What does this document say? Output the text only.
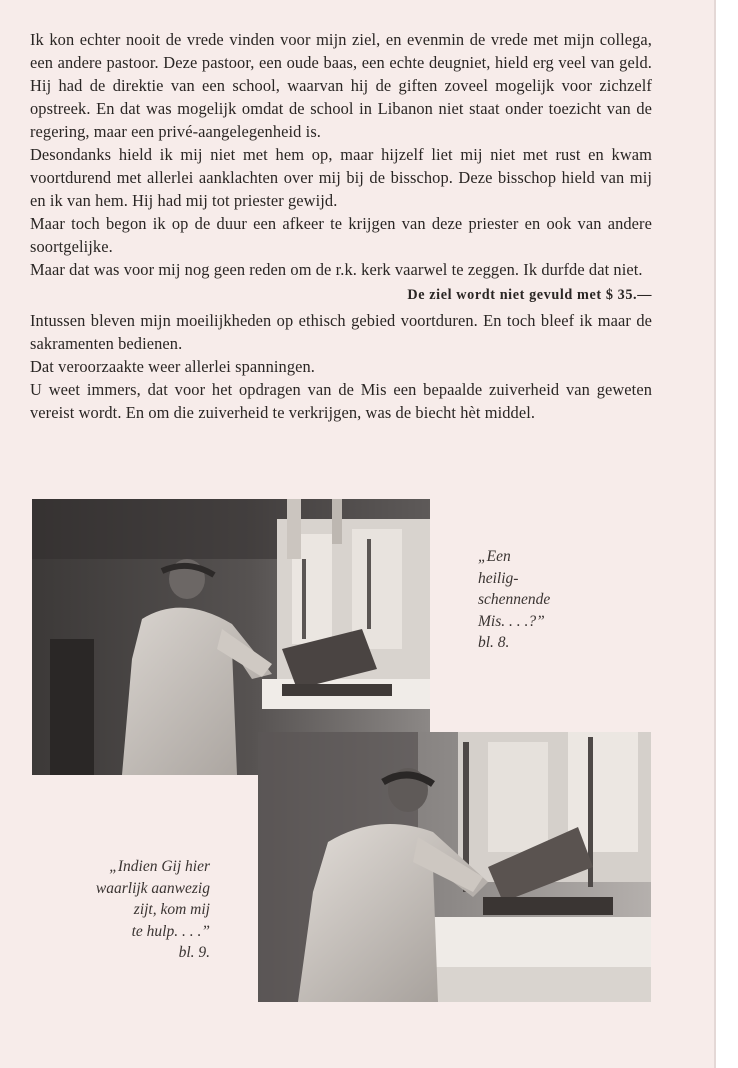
Ik kon echter nooit de vrede vinden voor mijn ziel, en evenmin de vrede met mijn collega, een andere pastoor. Deze pastoor, een oude baas, een echte deugniet, hield erg veel van geld. Hij had de direktie van een school, waarvan hij de giften zoveel mogelijk voor zichzelf opstreek. En dat was mogelijk omdat de school in Libanon niet staat onder toezicht van de regering, maar een privé-aangelegenheid is.

Desondanks hield ik mij niet met hem op, maar hijzelf liet mij niet met rust en kwam voortdurend met allerlei aanklachten over mij bij de bisschop. Deze bisschop hield van mij en ik van hem. Hij had mij tot priester gewijd.

Maar toch begon ik op de duur een afkeer te krijgen van deze priester en ook van andere soortgelijke.

Maar dat was voor mij nog geen reden om de r.k. kerk vaarwel te zeggen. Ik durfde dat niet.

De ziel wordt niet gevuld met $ 35.—

Intussen bleven mijn moeilijkheden op ethisch gebied voortduren. En toch bleef ik maar de sakramenten bedienen.

Dat veroorzaakte weer allerlei spanningen.

U weet immers, dat voor het opdragen van de Mis een bepaalde zuiverheid van geweten vereist wordt. En om die zuiverheid te verkrijgen, was de biecht hèt middel.

„Een
heilig-
schennende
Mis. . . .?”
bl. 8.
„Indien Gij hier
waarlijk aanwezig
zijt, kom mij
te hulp. . . .”
bl. 9.
